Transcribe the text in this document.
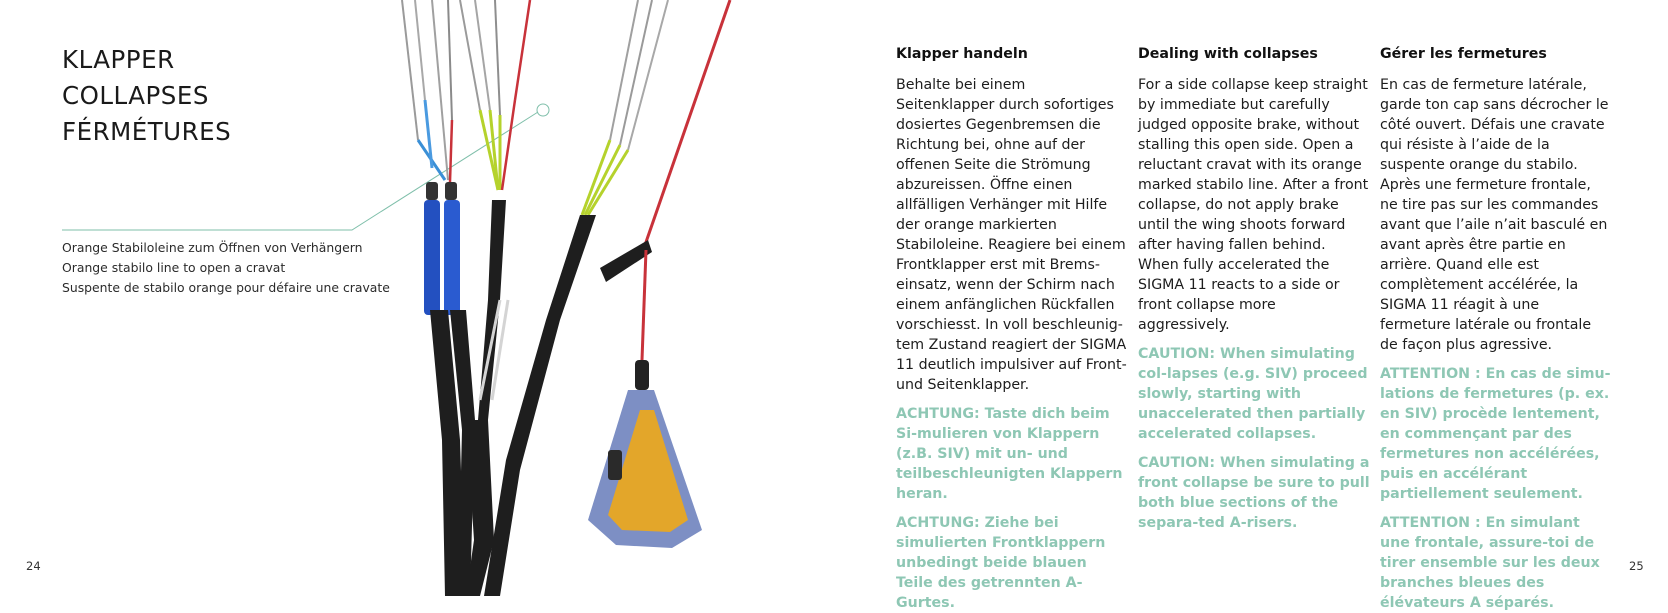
KLAPPER
COLLAPSES
FÉRMÉTURES
Orange Stabiloleine zum Öffnen von Verhängern
Orange stabilo line to open a cravat
Suspente de stabilo orange pour défaire une cravate
Klapper handeln

Behalte bei einem Seitenklapper durch sofortiges dosiertes Gegenbremsen die Richtung bei, ohne auf der offenen Seite die Strömung abzureissen. Öffne einen allfälligen Verhänger mit Hilfe der orange markierten Stabiloleine. Reagiere bei einem Frontklapper erst mit Brems-einsatz, wenn der Schirm nach einem anfänglichen Rückfallen vorschiesst. In voll beschleunig-tem Zustand reagiert der SIGMA 11 deutlich impulsiver auf Front- und Seitenklapper.

ACHTUNG: Taste dich beim Si-mulieren von Klappern (z.B. SIV) mit un- und teilbeschleunigten Klappern heran.

ACHTUNG: Ziehe bei simulierten Frontklappern unbedingt beide blauen Teile des getrennten A-Gurtes.

Dealing with collapses

For a side collapse keep straight by immediate but carefully judged opposite brake, without stalling this open side. Open a reluctant cravat with its orange marked stabilo line. After a front collapse, do not apply brake until the wing shoots forward after having fallen behind. When fully accelerated the SIGMA 11 reacts to a side or front collapse more aggressively.

CAUTION: When simulating col-lapses (e.g. SIV) proceed slowly, starting with unaccelerated then partially accelerated collapses.

CAUTION: When simulating a front collapse be sure to pull both blue sections of the separa-ted A-risers.

Gérer les fermetures

En cas de fermeture latérale, garde ton cap sans décrocher le côté ouvert. Défais une cravate qui résiste à l’aide de la suspente orange du stabilo. Après une fermeture frontale, ne tire pas sur les commandes avant que l’aile n’ait basculé en avant après être partie en arrière. Quand elle est complètement accélérée, la SIGMA 11 réagit à une fermeture latérale ou frontale de façon plus agressive.

ATTENTION : En cas de simu-lations de fermetures (p. ex. en SIV) procède lentement, en commençant par des fermetures non accélérées, puis en accélérant partiellement seulement.

ATTENTION : En simulant une frontale, assure-toi de tirer ensemble sur les deux branches bleues des élévateurs A séparés.

24	25
